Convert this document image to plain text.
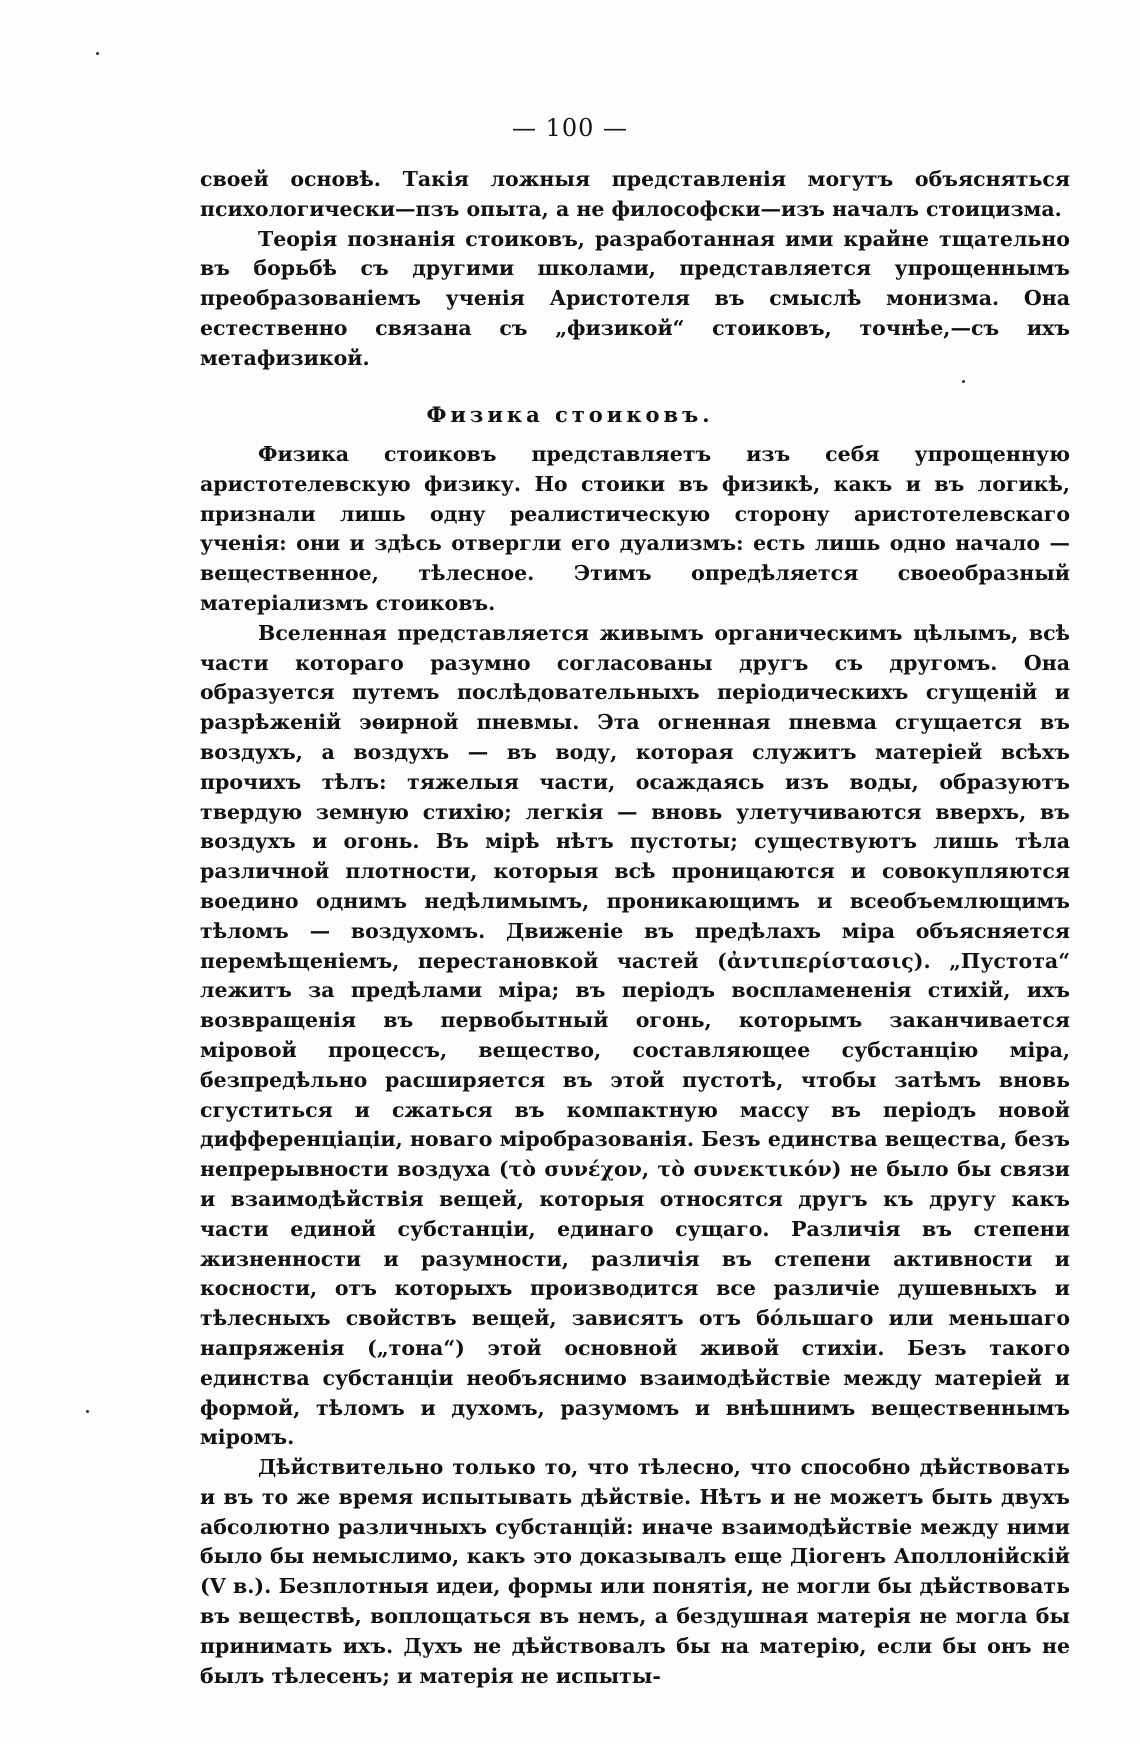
— 100 —

своей основѣ. Такія ложныя представленія могутъ объясняться психологически—пзъ опыта, а не философски—изъ началъ стоицизма.

Теорія познанія стоиковъ, разработанная ими крайне тщательно въ борьбѣ съ другими школами, представляется упрощеннымъ преобразованіемъ ученія Аристотеля въ смыслѣ монизма. Она естественно связана съ „физикой“ стоиковъ, точнѣе,—съ ихъ метафизикой.

Физика стоиковъ.

Физика стоиковъ представляетъ изъ себя упрощенную аристотелевскую физику. Но стоики въ физикѣ, какъ и въ логикѣ, признали лишь одну реалистическую сторону аристотелевскаго ученія: они и здѣсь отвергли его дуализмъ: есть лишь одно начало — вещественное, тѣлесное. Этимъ опредѣляется своеобразный матеріализмъ стоиковъ.

Вселенная представляется живымъ органическимъ цѣлымъ, всѣ части котораго разумно согласованы другъ съ другомъ. Она образуется путемъ послѣдовательныхъ періодическихъ сгущеній и разрѣженій эѳирной пневмы. Эта огненная пневма сгущается въ воздухъ, а воздухъ — въ воду, которая служитъ матеріей всѣхъ прочихъ тѣлъ: тяжелыя части, осаждаясь изъ воды, образуютъ твердую земную стихію; легкія — вновь улетучиваются вверхъ, въ воздухъ и огонь. Въ мірѣ нѣтъ пустоты; существуютъ лишь тѣла различной плотности, которыя всѣ проницаются и совокупляются воедино однимъ недѣлимымъ, проникающимъ и всеобъемлющимъ тѣломъ — воздухомъ. Движеніе въ предѣлахъ міра объясняется перемѣщеніемъ, перестановкой частей (ἀντιπερίστασις). „Пустота“ лежитъ за предѣлами міра; въ періодъ воспламененія стихій, ихъ возвращенія въ первобытный огонь, которымъ заканчивается міровой процессъ, вещество, составляющее субстанцію міра, безпредѣльно расширяется въ этой пустотѣ, чтобы затѣмъ вновь сгуститься и сжаться въ компактную массу въ періодъ новой дифференціаціи, новаго міробразованія. Безъ единства вещества, безъ непрерывности воздуха (τὸ συνέχον, τὸ συνεκτικόν) не было бы связи и взаимодѣйствія вещей, которыя относятся другъ къ другу какъ части единой субстанціи, единаго сущаго. Различія въ степени жизненности и разумности, различія въ степени активности и косности, отъ которыхъ производится все различіе душевныхъ и тѣлесныхъ свойствъ вещей, зависятъ отъ бóльшаго или меньшаго напряженія („тона“) этой основной живой стихіи. Безъ такого единства субстанціи необъяснимо взаимодѣйствіе между матеріей и формой, тѣломъ и духомъ, разумомъ и внѣшнимъ вещественнымъ міромъ.

Дѣйствительно только то, что тѣлесно, что способно дѣйствовать и въ то же время испытывать дѣйствіе. Нѣтъ и не можетъ быть двухъ абсолютно различныхъ субстанцій: иначе взаимодѣйствіе между ними было бы немыслимо, какъ это доказывалъ еще Діогенъ Аполлонійскій (V в.). Безплотныя идеи, формы или понятія, не могли бы дѣйствовать въ веществѣ, воплощаться въ немъ, а бездушная матерія не могла бы принимать ихъ. Духъ не дѣйствовалъ бы на матерію, если бы онъ не былъ тѣлесенъ; и матерія не испыты-
